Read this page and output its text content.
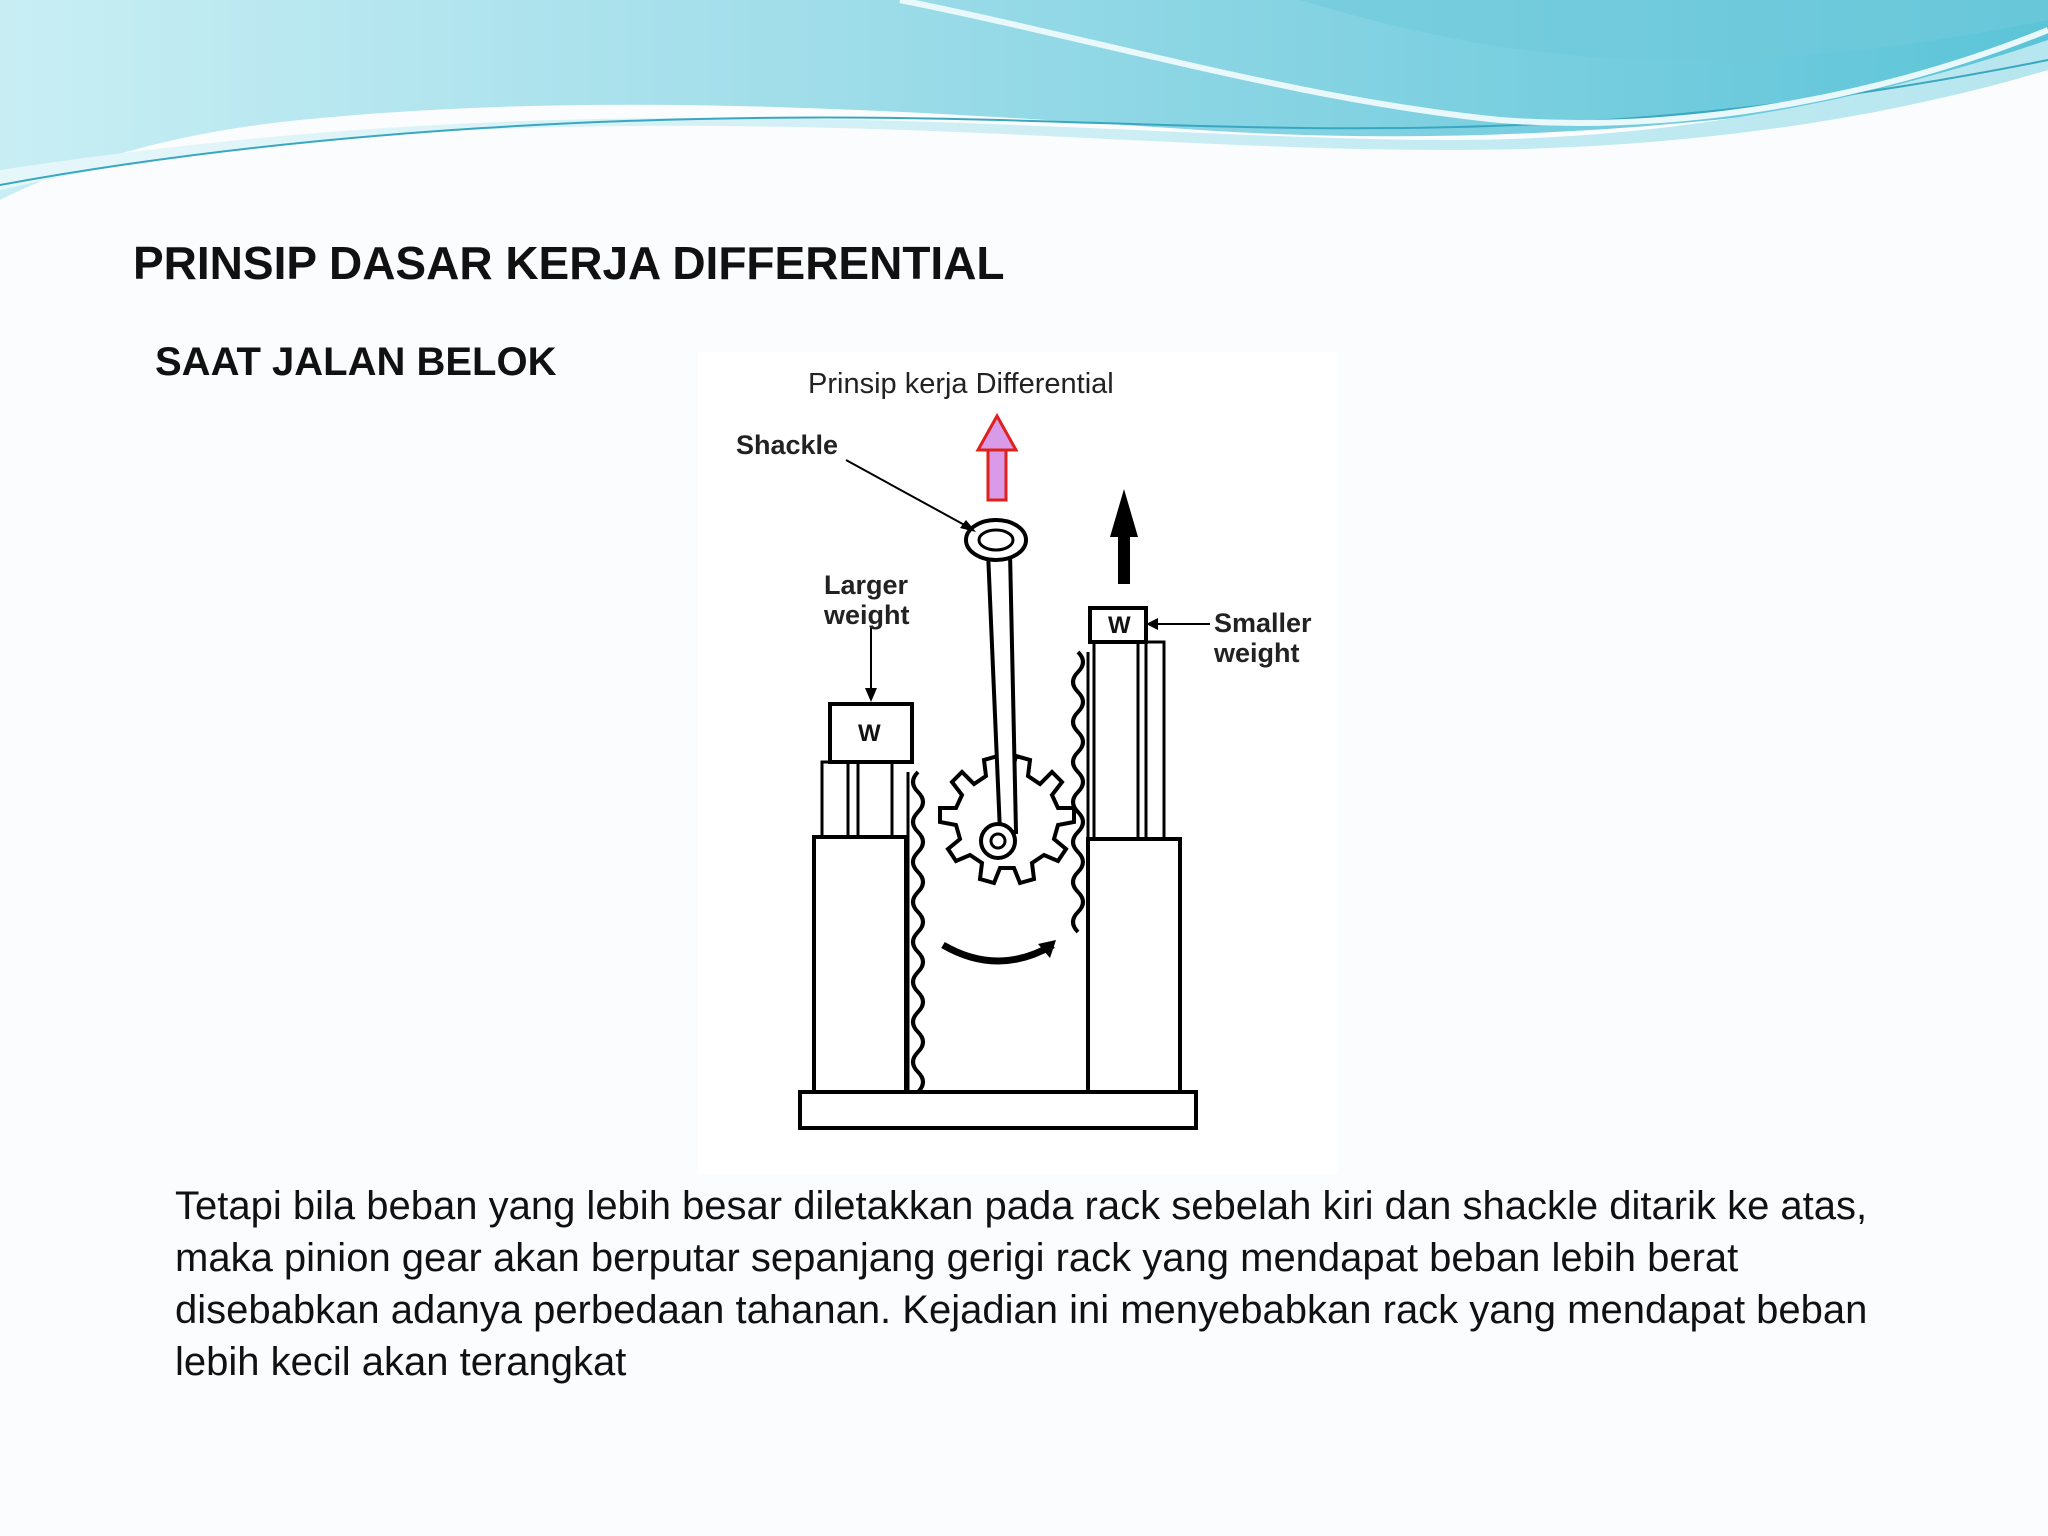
PRINSIP DASAR KERJA DIFFERENTIAL
SAAT JALAN BELOK	Prinsip kerja Differential
Shackle
Larger
weight	Smaller
weight
W
W
Tetapi bila beban yang lebih besar diletakkan pada rack sebelah kiri dan shackle ditarik ke atas, maka pinion gear akan berputar sepanjang gerigi rack yang mendapat beban lebih berat disebabkan adanya perbedaan tahanan. Kejadian ini menyebabkan rack yang mendapat beban lebih kecil akan terangkat
